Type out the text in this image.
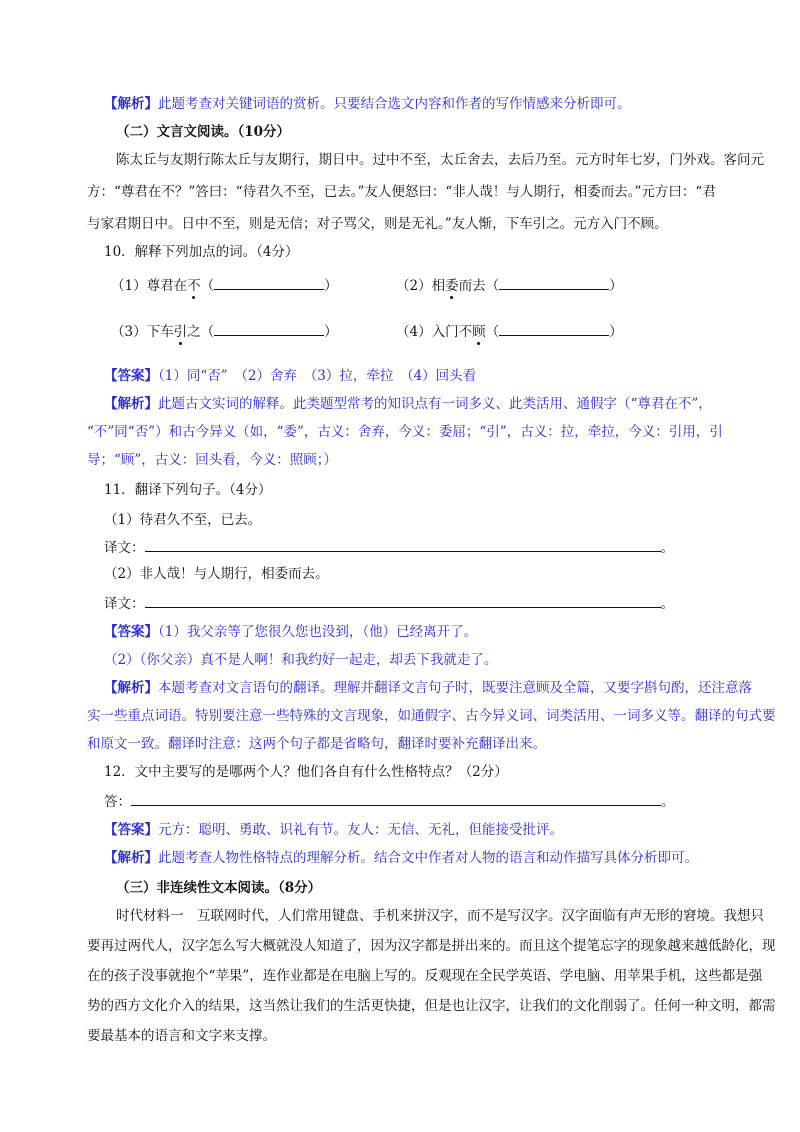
【解析】此题考查对关键词语的赏析。只要结合选文内容和作者的写作情感来分析即可。
（二）文言文阅读。（10分）
陈太丘与友期行陈太丘与友期行，期日中。过中不至，太丘舍去，去后乃至。元方时年七岁，门外戏。客问元
方：“尊君在不？”答曰：“待君久不至，已去。”友人便怒曰：“非人哉！与人期行，相委而去。”元方曰：“君
与家君期日中。日中不至，则是无信；对子骂父，则是无礼。”友人惭，下车引之。元方入门不顾。
10．解释下列加点的词。（4分）
（1）尊君在不（	）	（2）相委而去（	）
（3）下车引之（	）	（4）入门不顾（	）
【答案】（1）同“否”　（2）舍弃　（3）拉，牵拉　（4）回头看
【解析】此题古文实词的解释。此类题型常考的知识点有一词多义、此类活用、通假字（“尊君在不”，
“不”同“否”）和古今异义（如，“委”，古义：舍弃，今义：委屈；“引”，古义：拉，牵拉，今义：引用，引
导；“顾”，古义：回头看，今义：照顾；）
11．翻译下列句子。（4分）
（1）待君久不至，已去。
译文：	。
（2）非人哉！与人期行，相委而去。
译文：	。
【答案】（1）我父亲等了您很久您也没到，（他）已经离开了。
（2）（你父亲）真不是人啊！和我约好一起走，却丢下我就走了。
【解析】本题考查对文言语句的翻译。理解并翻译文言句子时，既要注意顾及全篇，又要字斟句酌，还注意落
实一些重点词语。特别要注意一些特殊的文言现象，如通假字、古今异义词、词类活用、一词多义等。翻译的句式要
和原文一致。翻译时注意：这两个句子都是省略句，翻译时要补充翻译出来。
12．文中主要写的是哪两个人？他们各自有什么性格特点？（2分）
答：	。
【答案】元方：聪明、勇敢、识礼有节。友人：无信、无礼，但能接受批评。
【解析】此题考查人物性格特点的理解分析。结合文中作者对人物的语言和动作描写具体分析即可。
（三）非连续性文本阅读。（8分）
时代材料一　互联网时代，人们常用键盘、手机来拼汉字，而不是写汉字。汉字面临有声无形的窘境。我想只
要再过两代人，汉字怎么写大概就没人知道了，因为汉字都是拼出来的。而且这个提笔忘字的现象越来越低龄化，现
在的孩子没事就抱个“苹果”，连作业都是在电脑上写的。反观现在全民学英语、学电脑、用苹果手机，这些都是强
势的西方文化介入的结果，这当然让我们的生活更快捷，但是也让汉字，让我们的文化削弱了。任何一种文明，都需
要最基本的语言和文字来支撑。
